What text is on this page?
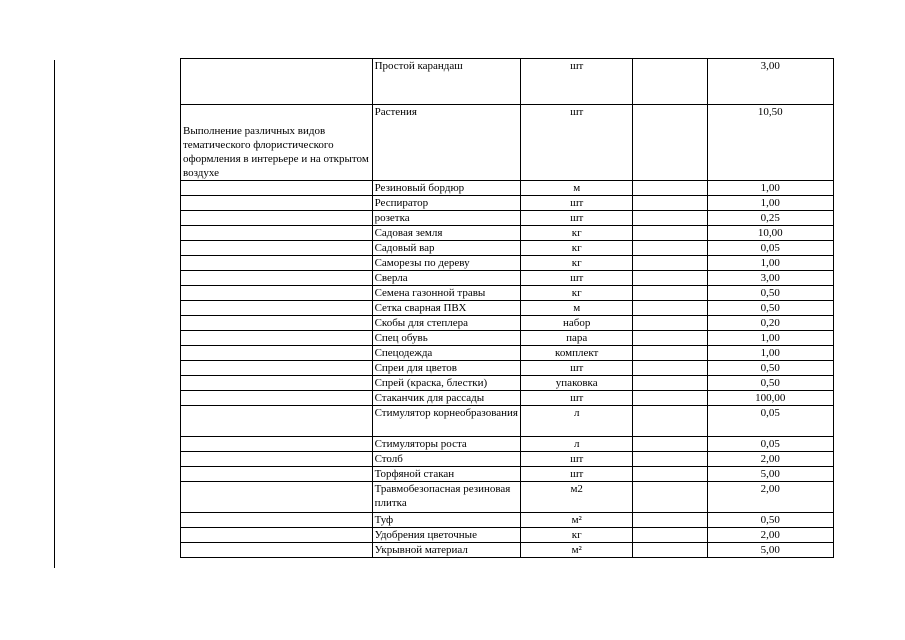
	Простой карандаш	шт		3,00
Выполнение различных видов тематического флористического оформления в интерьере и на открытом воздухе	Растения	шт		10,50
	Резиновый бордюр	м		1,00
	Респиратор	шт		1,00
	розетка	шт		0,25
	Садовая земля	кг		10,00
	Садовый вар	кг		0,05
	Саморезы по дереву	кг		1,00
	Сверла	шт		3,00
	Семена газонной травы	кг		0,50
	Сетка сварная ПВХ	м		0,50
	Скобы для степлера	набор		0,20
	Спец обувь	пара		1,00
	Спецодежда	комплект		1,00
	Спреи для цветов	шт		0,50
	Спрей (краска, блестки)	упаковка		0,50
	Стаканчик для рассады	шт		100,00
	Стимулятор корнеобразования	л		0,05
	Стимуляторы роста	л		0,05
	Столб	шт		2,00
	Торфяной стакан	шт		5,00
	Травмобезопасная резиновая плитка	м2		2,00
	Туф	м²		0,50
	Удобрения цветочные	кг		2,00
	Укрывной материал	м²		5,00
